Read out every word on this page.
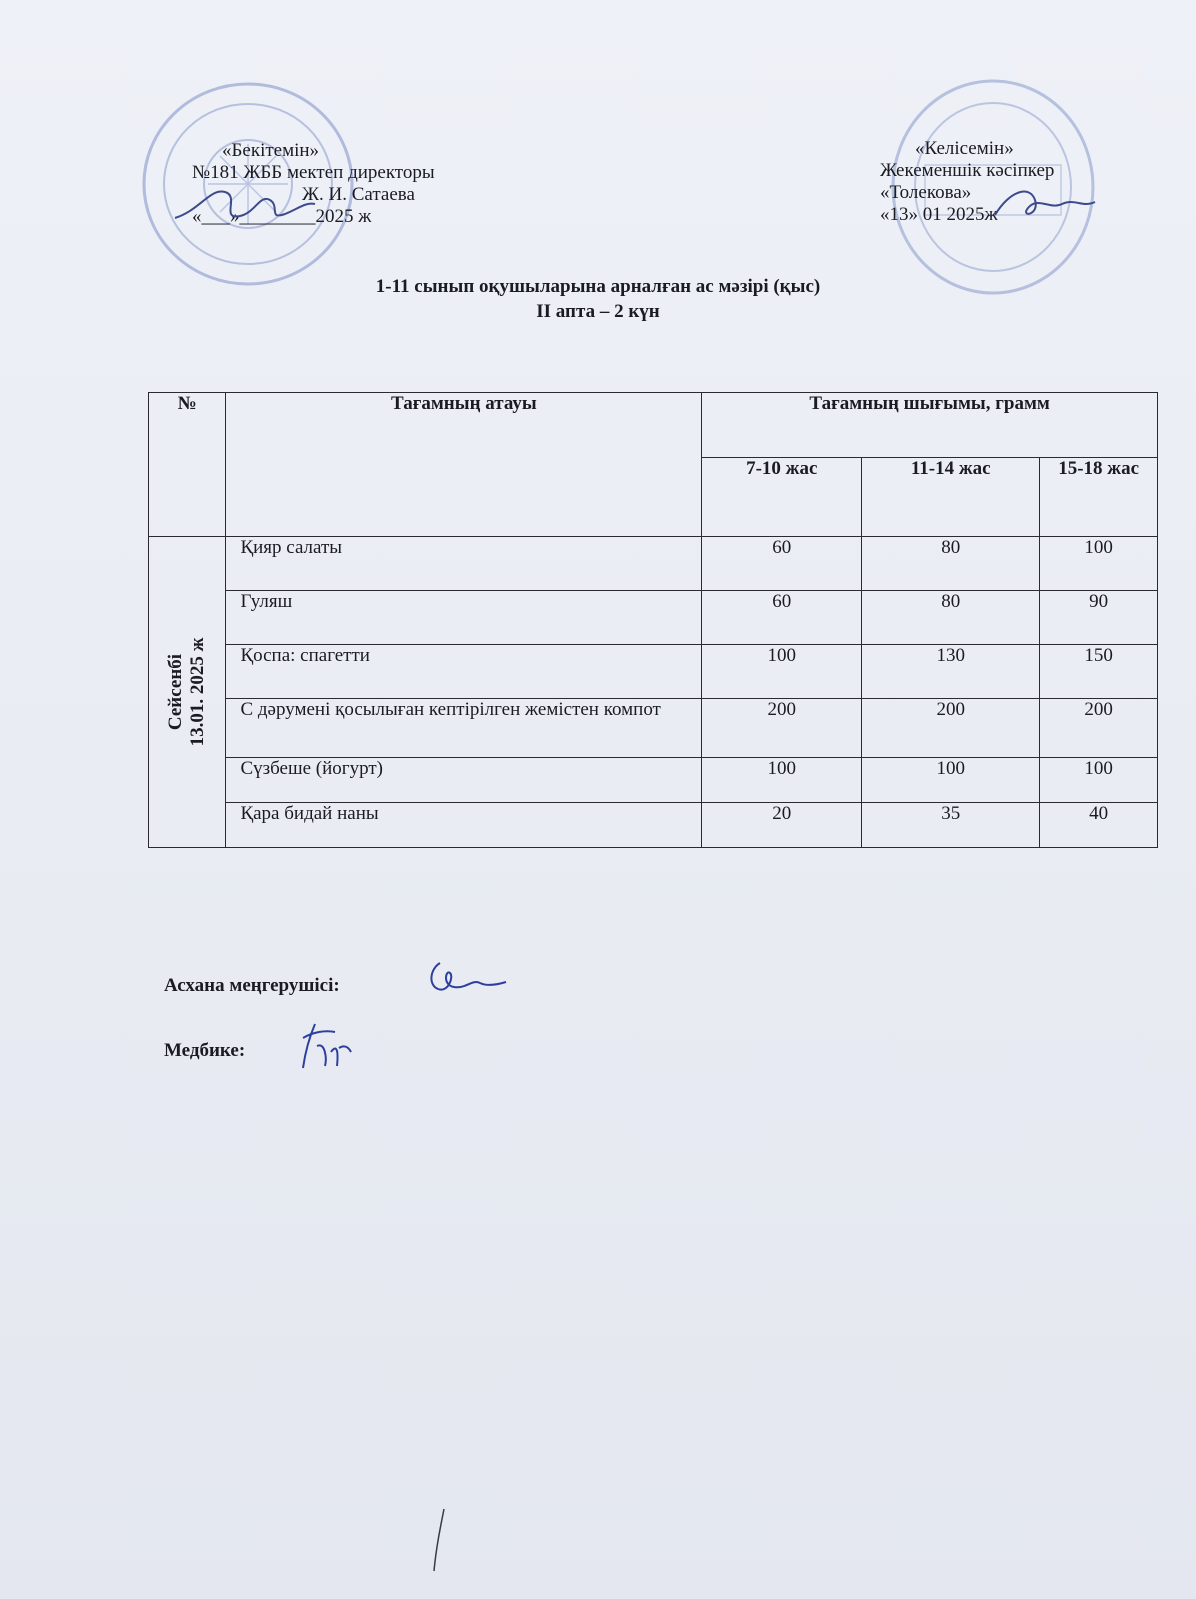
«Бекітемін»
№181 ЖББ мектеп директоры
Ж. И. Сатаева
«___»________2025 ж
«Келісемін»
Жекеменшік кәсіпкер
«Толекова»
«13» 01 2025ж
1-11 сынып оқушыларына арналған ас мәзірі (қыс)
ІІ апта – 2 күн
№	Тағамның атауы	Тағамның шығымы, грамм		
		7-10 жас	11-14 жас	15-18 жас

Сейсенбі 13.01. 2025 ж	Қияр салаты	60	80	100
	Гуляш	60	80	90
	Қоспа: спагетти	100	130	150
	С дәрумені қосылыған кептірілген жемістен компот	200	200	200
	Сүзбеше (йогурт)	100	100	100
	Қара бидай наны	20	35	40
Асхана меңгерушісі:
Медбике:
